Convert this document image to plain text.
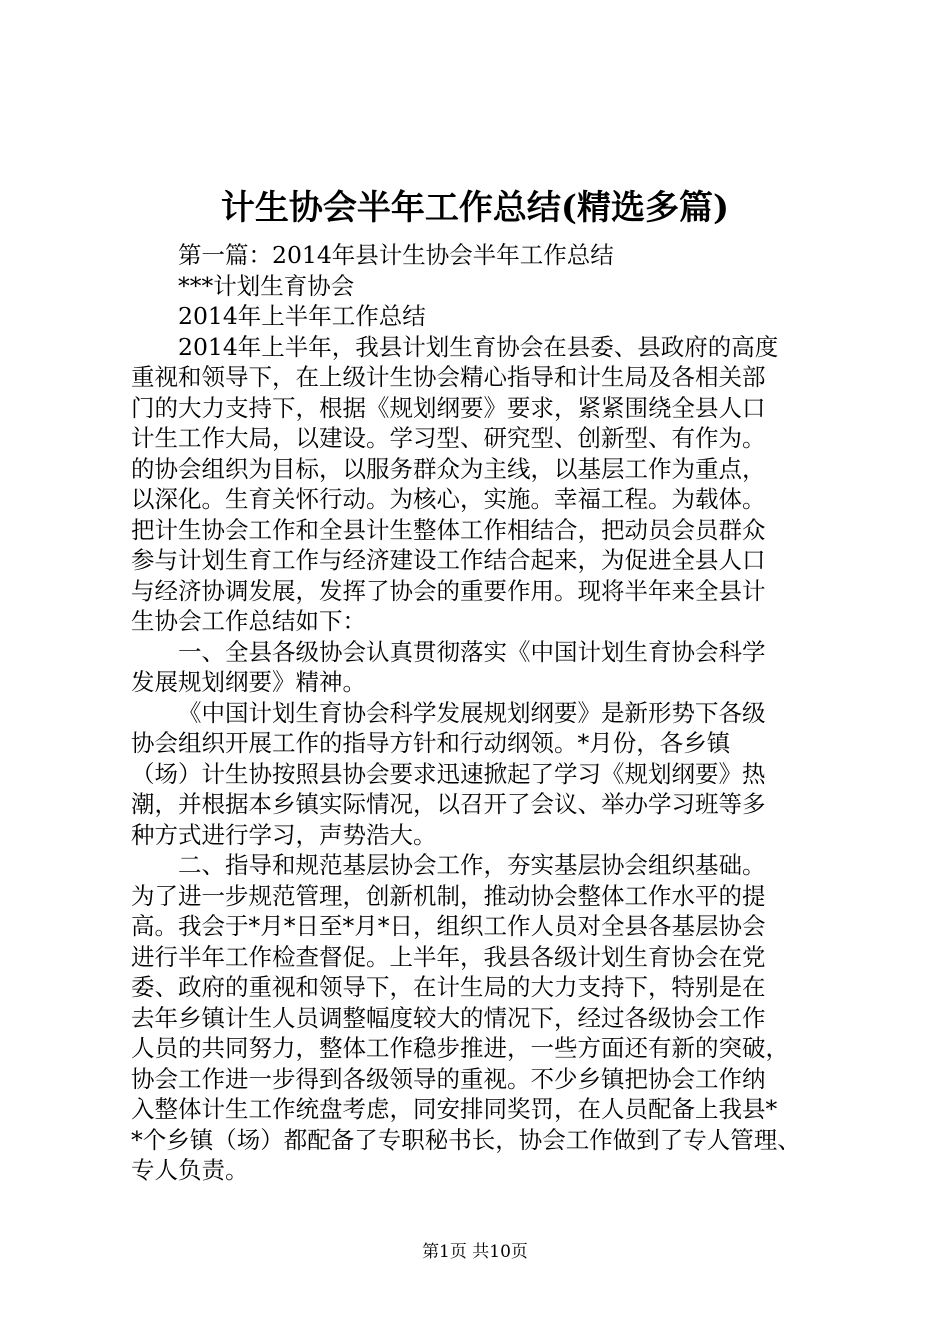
计生协会半年工作总结(精选多篇)
第一篇：2014年县计生协会半年工作总结
***计划生育协会
2014年上半年工作总结
2014年上半年，我县计划生育协会在县委、县政府的高度
重视和领导下，在上级计生协会精心指导和计生局及各相关部
门的大力支持下，根据《规划纲要》要求，紧紧围绕全县人口
计生工作大局，以建设。学习型、研究型、创新型、有作为。
的协会组织为目标，以服务群众为主线，以基层工作为重点，
以深化。生育关怀行动。为核心，实施。幸福工程。为载体。
把计生协会工作和全县计生整体工作相结合，把动员会员群众
参与计划生育工作与经济建设工作结合起来，为促进全县人口
与经济协调发展，发挥了协会的重要作用。现将半年来全县计
生协会工作总结如下：
一、全县各级协会认真贯彻落实《中国计划生育协会科学
发展规划纲要》精神。
《中国计划生育协会科学发展规划纲要》是新形势下各级
协会组织开展工作的指导方针和行动纲领。*月份，各乡镇
（场）计生协按照县协会要求迅速掀起了学习《规划纲要》热
潮，并根据本乡镇实际情况，以召开了会议、举办学习班等多
种方式进行学习，声势浩大。
二、指导和规范基层协会工作，夯实基层协会组织基础。
为了进一步规范管理，创新机制，推动协会整体工作水平的提
高。我会于*月*日至*月*日，组织工作人员对全县各基层协会
进行半年工作检查督促。上半年，我县各级计划生育协会在党
委、政府的重视和领导下，在计生局的大力支持下，特别是在
去年乡镇计生人员调整幅度较大的情况下，经过各级协会工作
人员的共同努力，整体工作稳步推进，一些方面还有新的突破，
协会工作进一步得到各级领导的重视。不少乡镇把协会工作纳
入整体计生工作统盘考虑，同安排同奖罚，在人员配备上我县*
*个乡镇（场）都配备了专职秘书长，协会工作做到了专人管理、
专人负责。
第1页 共10页
